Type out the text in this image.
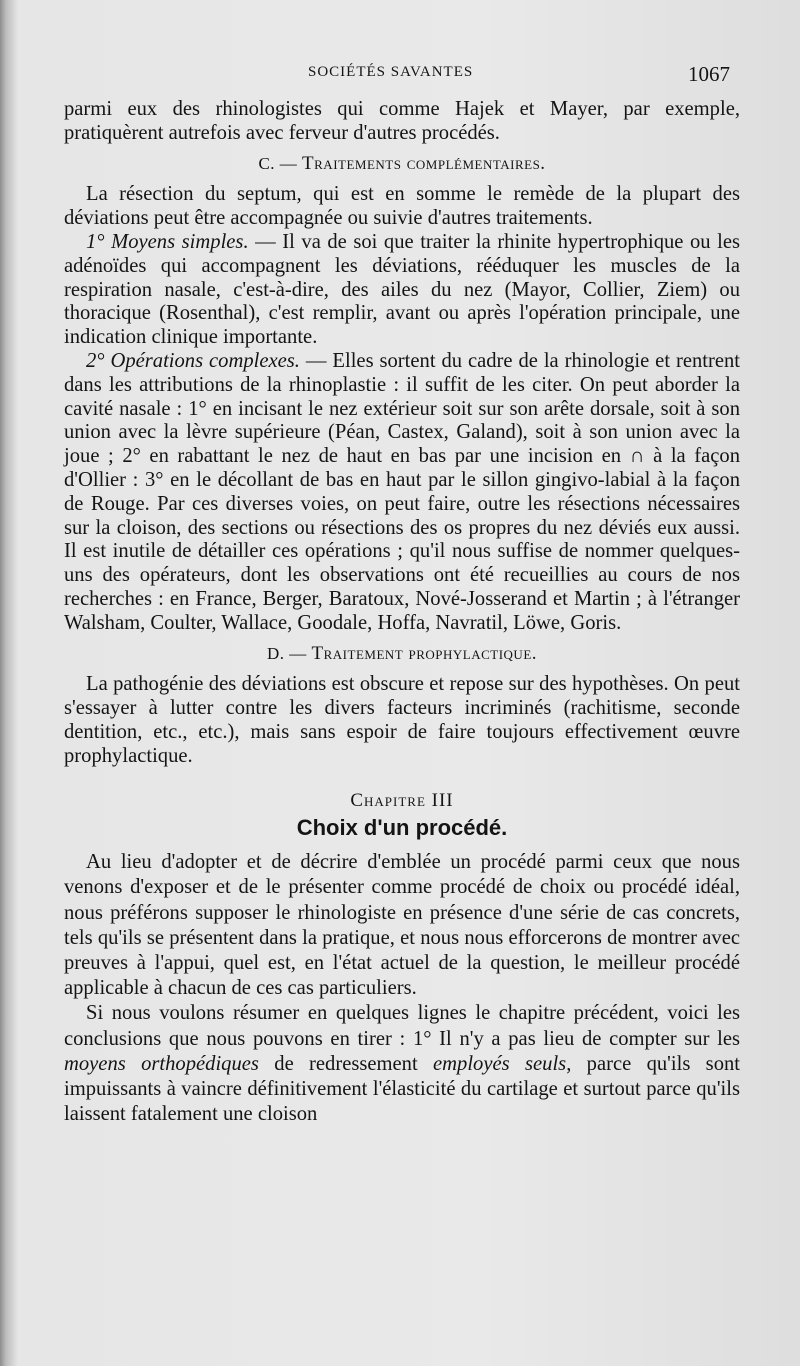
SOCIÉTÉS SAVANTES	1067

parmi eux des rhinologistes qui comme Hajek et Mayer, par exemple, pratiquèrent autrefois avec ferveur d'autres procédés.

C. — Traitements complémentaires.

La résection du septum, qui est en somme le remède de la plupart des déviations peut être accompagnée ou suivie d'autres traitements.

1° Moyens simples. — Il va de soi que traiter la rhinite hypertrophique ou les adénoïdes qui accompagnent les déviations, rééduquer les muscles de la respiration nasale, c'est-à-dire, des ailes du nez (Mayor, Collier, Ziem) ou thoracique (Rosenthal), c'est remplir, avant ou après l'opération principale, une indication clinique importante.

2° Opérations complexes. — Elles sortent du cadre de la rhinologie et rentrent dans les attributions de la rhinoplastie : il suffit de les citer. On peut aborder la cavité nasale : 1° en incisant le nez extérieur soit sur son arête dorsale, soit à son union avec la lèvre supérieure (Péan, Castex, Galand), soit à son union avec la joue ; 2° en rabattant le nez de haut en bas par une incision en ∩ à la façon d'Ollier : 3° en le décollant de bas en haut par le sillon gingivo-labial à la façon de Rouge. Par ces diverses voies, on peut faire, outre les résections nécessaires sur la cloison, des sections ou résections des os propres du nez déviés eux aussi. Il est inutile de détailler ces opérations ; qu'il nous suffise de nommer quelques-uns des opérateurs, dont les observations ont été recueillies au cours de nos recherches : en France, Berger, Baratoux, Nové-Josserand et Martin ; à l'étranger Walsham, Coulter, Wallace, Goodale, Hoffa, Navratil, Löwe, Goris.

D. — Traitement prophylactique.

La pathogénie des déviations est obscure et repose sur des hypothèses. On peut s'essayer à lutter contre les divers facteurs incriminés (rachitisme, seconde dentition, etc., etc.), mais sans espoir de faire toujours effectivement œuvre prophylactique.

Chapitre III
Choix d'un procédé.

Au lieu d'adopter et de décrire d'emblée un procédé parmi ceux que nous venons d'exposer et de le présenter comme procédé de choix ou procédé idéal, nous préférons supposer le rhinologiste en présence d'une série de cas concrets, tels qu'ils se présentent dans la pratique, et nous nous efforcerons de montrer avec preuves à l'appui, quel est, en l'état actuel de la question, le meilleur procédé applicable à chacun de ces cas particuliers.

Si nous voulons résumer en quelques lignes le chapitre précédent, voici les conclusions que nous pouvons en tirer : 1° Il n'y a pas lieu de compter sur les moyens orthopédiques de redressement employés seuls, parce qu'ils sont impuissants à vaincre définitivement l'élasticité du cartilage et surtout parce qu'ils laissent fatalement une cloison
